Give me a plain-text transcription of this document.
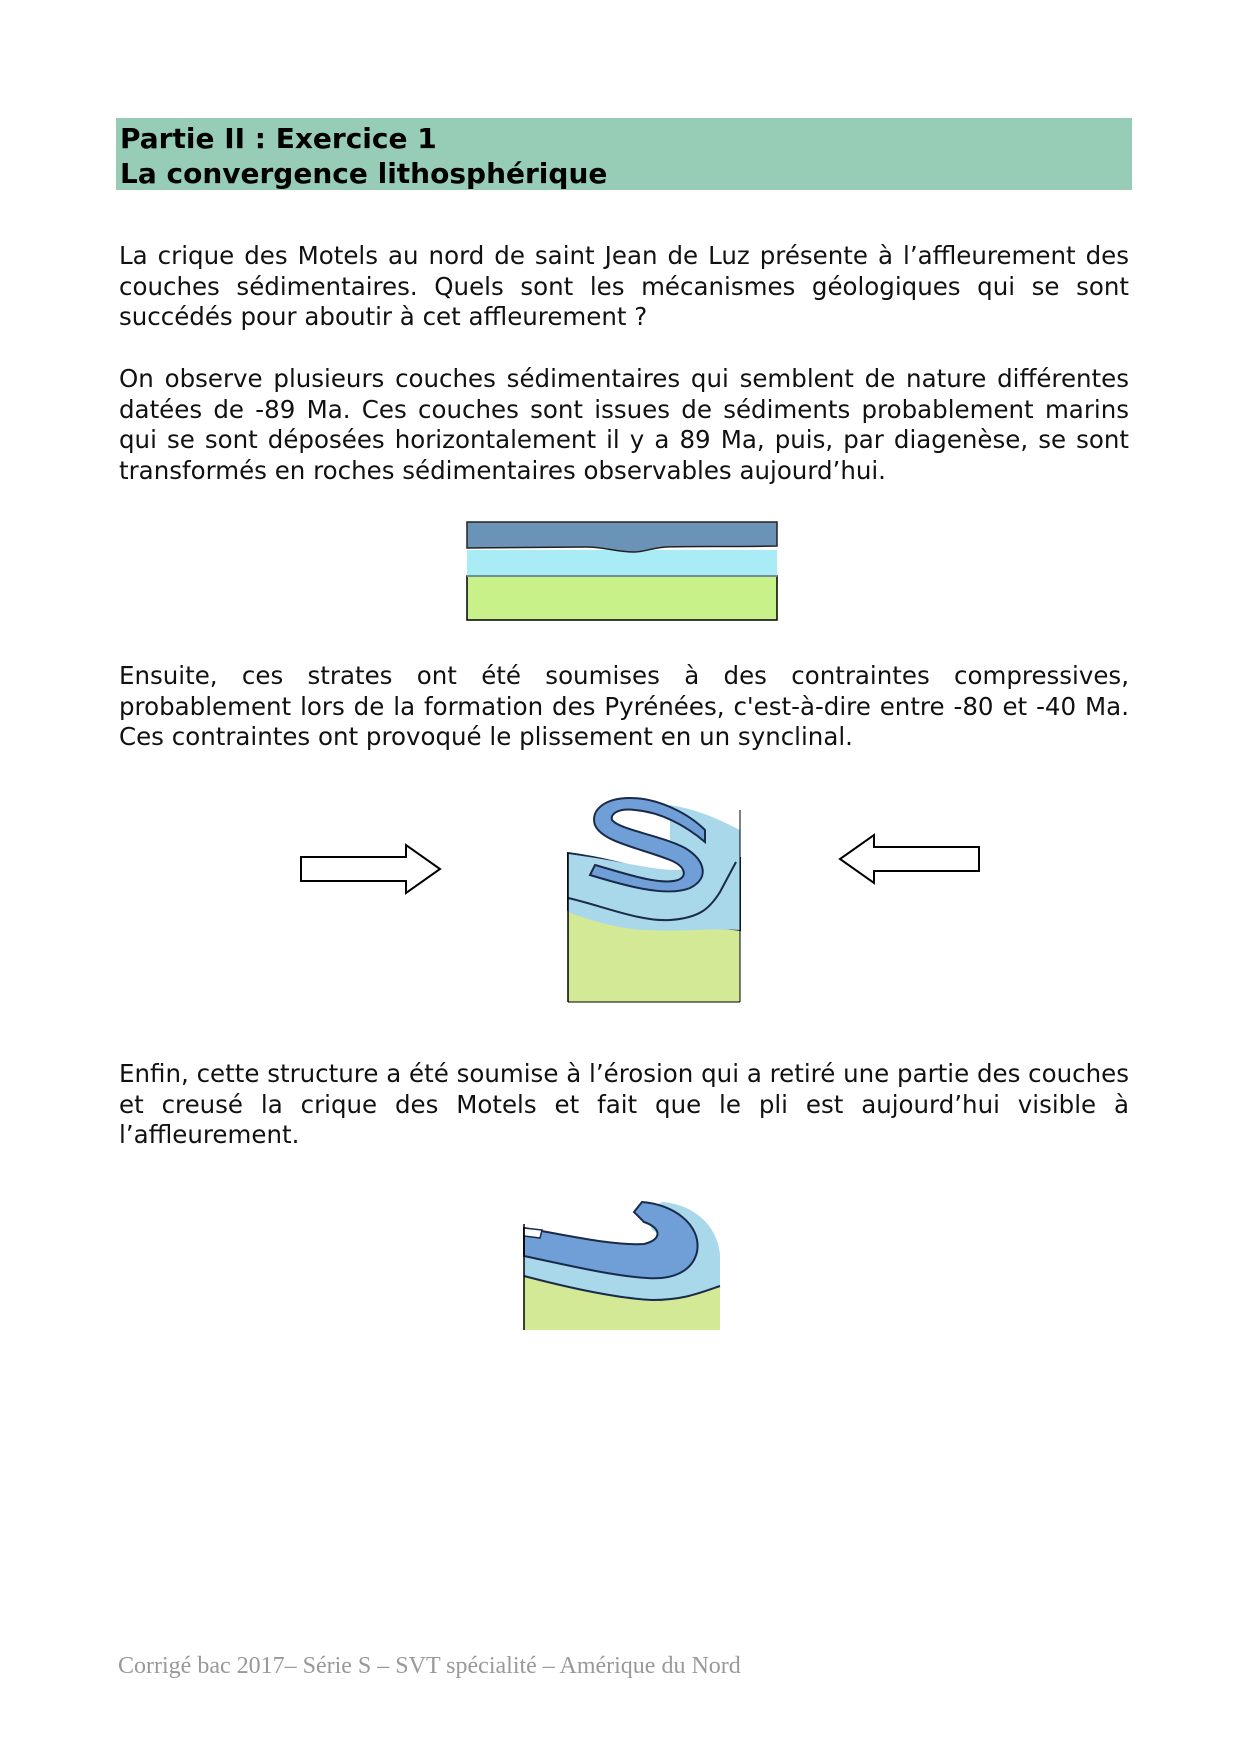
Partie II : Exercice 1
La convergence lithosphérique

La crique des Motels au nord de saint Jean de Luz présente à l’affleurement des couches sédimentaires. Quels sont les mécanismes géologiques qui se sont succédés pour aboutir à cet affleurement ?

On observe plusieurs couches sédimentaires qui semblent de nature différentes datées de -89 Ma. Ces couches sont issues de sédiments probablement marins qui se sont déposées horizontalement il y a 89 Ma, puis, par diagenèse, se sont transformés en roches sédimentaires observables aujourd’hui.

Ensuite, ces strates ont été soumises à des contraintes compressives, probablement lors de la formation des Pyrénées, c'est-à-dire entre -80 et -40 Ma. Ces contraintes ont provoqué le plissement en un synclinal.

Enfin, cette structure a été soumise à l’érosion qui a retiré une partie des couches et creusé la crique des Motels et fait que le pli est aujourd’hui visible à l’affleurement.

Corrigé bac 2017– Série S – SVT spécialité – Amérique du Nord
